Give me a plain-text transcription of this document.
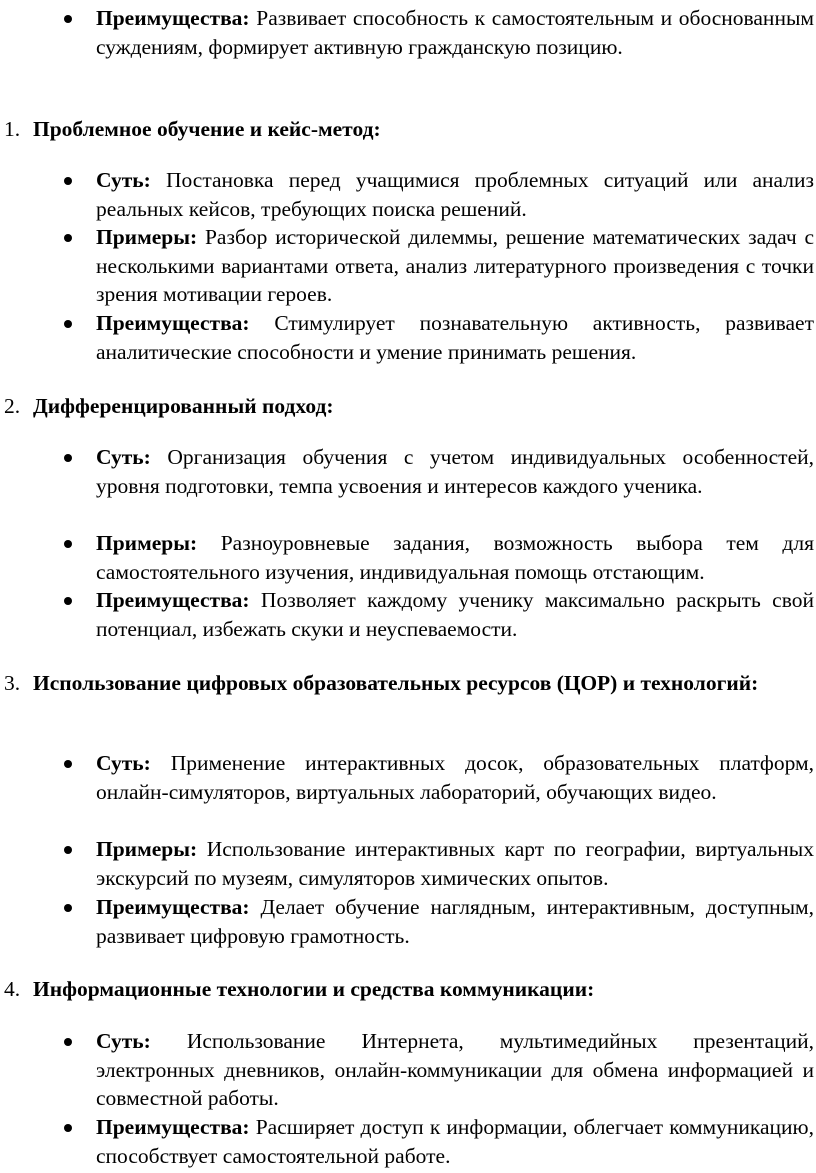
Преимущества: Развивает способность к самостоятельным и обоснованным суждениям, формирует активную гражданскую позицию.
1. Проблемное обучение и кейс-метод:
Суть: Постановка перед учащимися проблемных ситуаций или анализ реальных кейсов, требующих поиска решений.
Примеры: Разбор исторической дилеммы, решение математических задач с несколькими вариантами ответа, анализ литературного произведения с точки зрения мотивации героев.
Преимущества: Стимулирует познавательную активность, развивает аналитические способности и умение принимать решения.
2. Дифференцированный подход:
Суть: Организация обучения с учетом индивидуальных особенностей, уровня подготовки, темпа усвоения и интересов каждого ученика.
Примеры: Разноуровневые задания, возможность выбора тем для самостоятельного изучения, индивидуальная помощь отстающим.
Преимущества: Позволяет каждому ученику максимально раскрыть свой потенциал, избежать скуки и неуспеваемости.
3. Использование цифровых образовательных ресурсов (ЦОР) и технологий:
Суть: Применение интерактивных досок, образовательных платформ, онлайн-симуляторов, виртуальных лабораторий, обучающих видео.
Примеры: Использование интерактивных карт по географии, виртуальных экскурсий по музеям, симуляторов химических опытов.
Преимущества: Делает обучение наглядным, интерактивным, доступным, развивает цифровую грамотность.
4. Информационные технологии и средства коммуникации:
Суть: Использование Интернета, мультимедийных презентаций, электронных дневников, онлайн-коммуникации для обмена информацией и совместной работы.
Преимущества: Расширяет доступ к информации, облегчает коммуникацию, способствует самостоятельной работе.
